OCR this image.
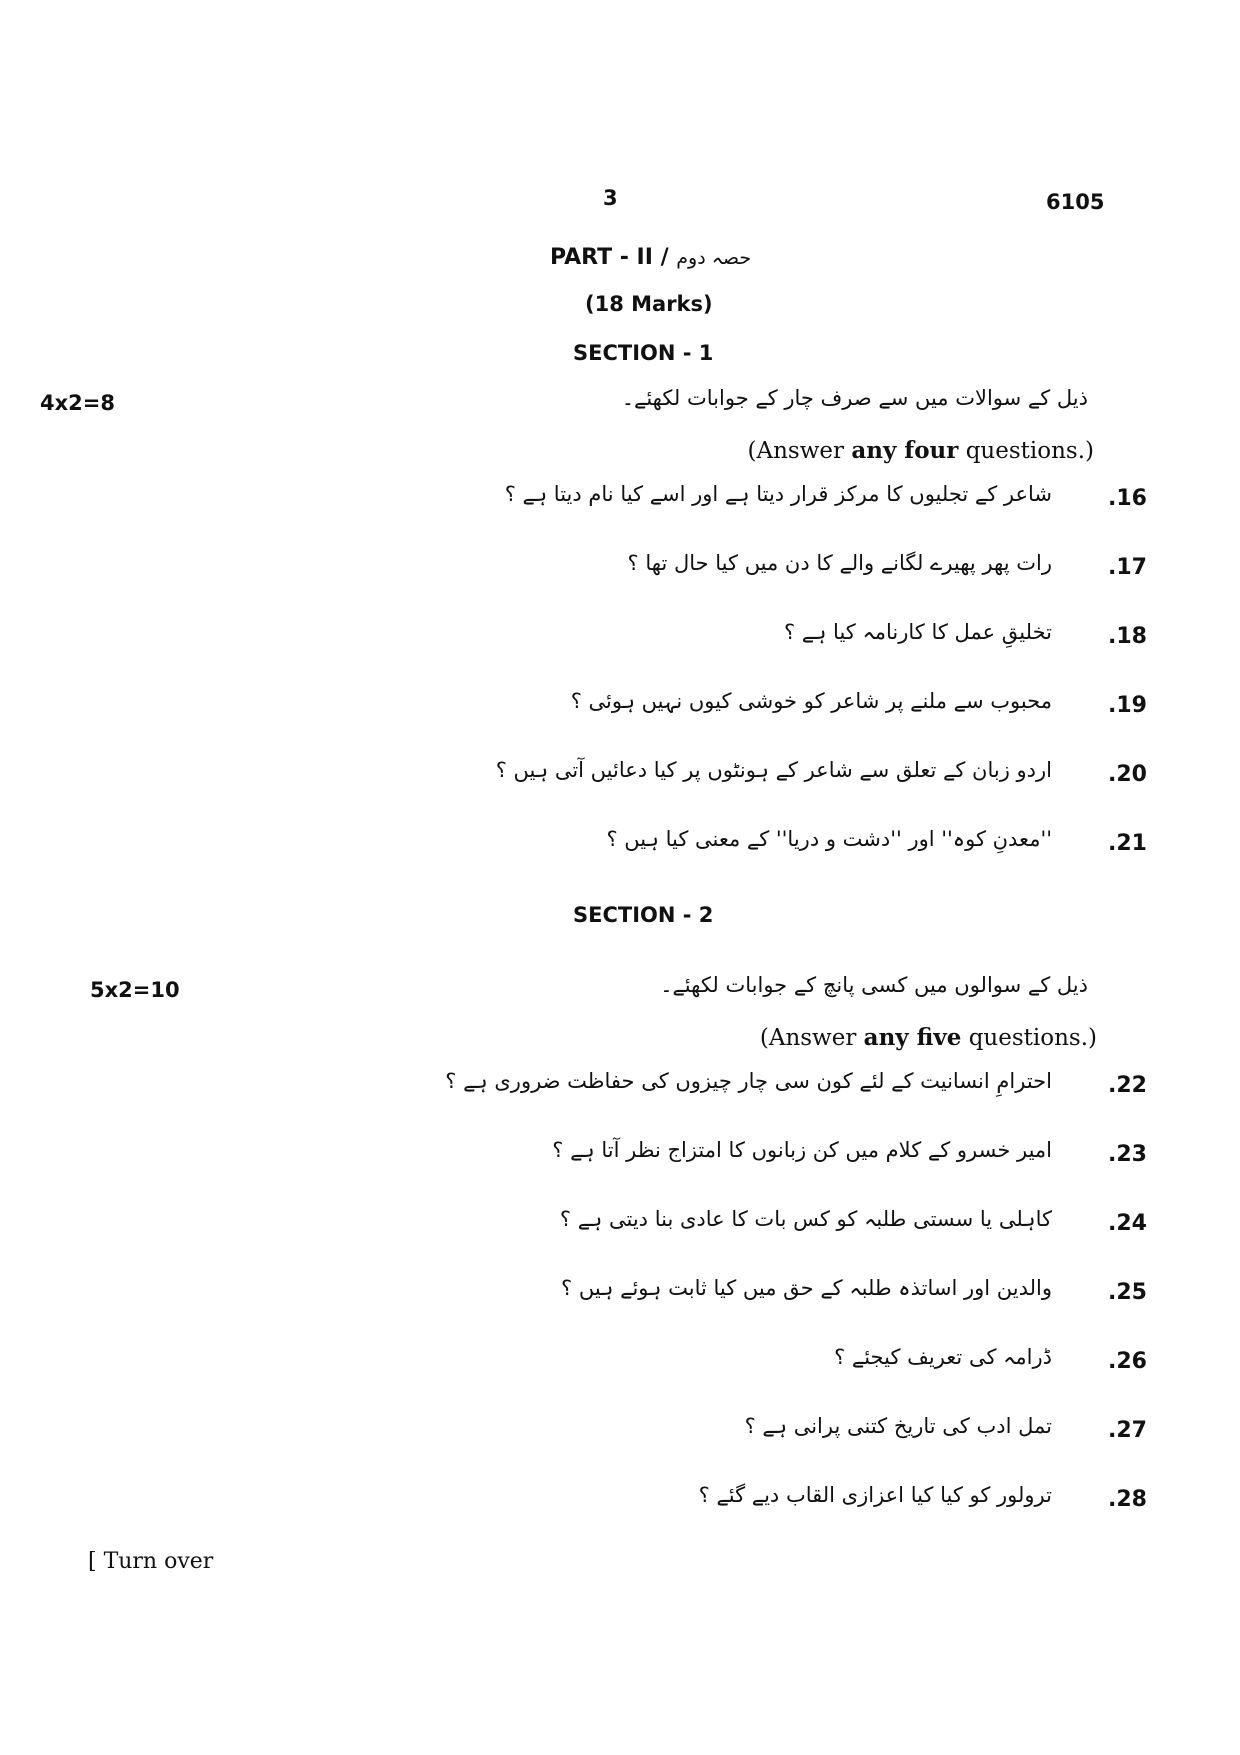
3	6105
PART - II / حصہ دوم
(18 Marks)
SECTION - 1
4x2=8	ذیل کے سوالات میں سے صرف چار کے جوابات لکھئے۔
(Answer any four questions.)
.16
شاعر کے تجلیوں کا مرکز قرار دیتا ہے اور اسے کیا نام دیتا ہے ؟
.17
رات پھر پھیرے لگانے والے کا دن میں کیا حال تھا ؟
.18
تخلیقِ عمل کا کارنامہ کیا ہے ؟
.19
محبوب سے ملنے پر شاعر کو خوشی کیوں نہیں ہوئی ؟
.20
اردو زبان کے تعلق سے شاعر کے ہونٹوں پر کیا دعائیں آتی ہیں ؟
.21
''معدنِ کوہ'' اور ''دشت و دریا'' کے معنی کیا ہیں ؟
SECTION - 2
5x2=10	ذیل کے سوالوں میں کسی پانچ کے جوابات لکھئے۔
(Answer any five questions.)
.22
احترامِ انسانیت کے لئے کون سی چار چیزوں کی حفاظت ضروری ہے ؟
.23
امیر خسرو کے کلام میں کن زبانوں کا امتزاج نظر آتا ہے ؟
.24
کاہلی یا سستی طلبہ کو کس بات کا عادی بنا دیتی ہے ؟
.25
والدین اور اساتذہ طلبہ کے حق میں کیا ثابت ہوئے ہیں ؟
.26
ڈرامہ کی تعریف کیجئے ؟
.27
تمل ادب کی تاریخ کتنی پرانی ہے ؟
.28
ترولور کو کیا کیا اعزازی القاب دیے گئے ؟
[ Turn over
